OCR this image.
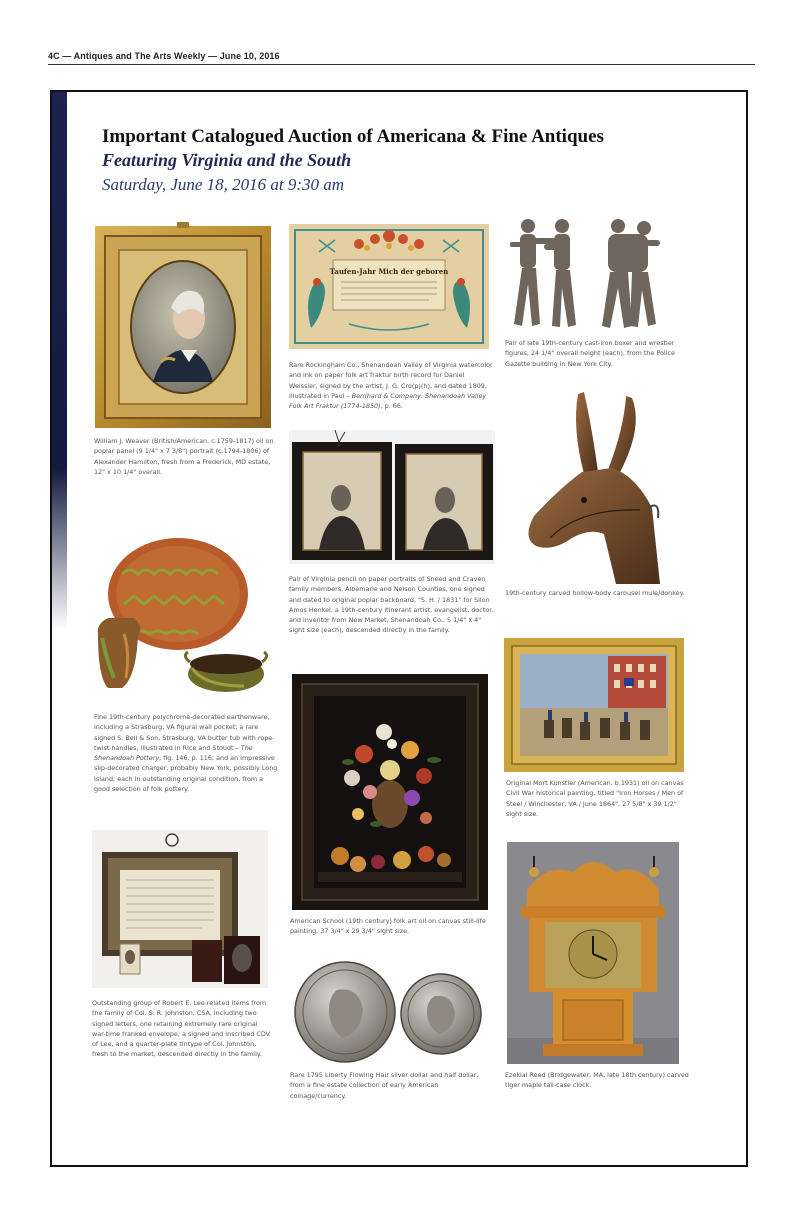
4C — Antiques and The Arts Weekly — June 10, 2016
Important Catalogued Auction of Americana & Fine Antiques
Featuring Virginia and the South
Saturday, June 18, 2016 at 9:30 am
William J. Weaver (British/American, c.1759-1817) oil on poplar panel (9 1/4" x 7 3/8") portrait (c.1794-1806) of Alexander Hamilton, fresh from a Frederick, MD estate, 12" x 10 1/4" overall.
Taufen-Jahr Mich der geboren
Rare Rockingham Co., Shenandoah Valley of Virginia watercolor and ink on paper folk art fraktur birth record for Daniel Weissler, signed by the artist, J. G. Cro(p)(h), and dated 1809, illustrated in Paul – Bernhard & Company: Shenandoah Valley Folk Art Fraktur (1774-1850), p. 66.
Pair of late 19th-century cast-iron boxer and wrestler figures, 24 1/4" overall height (each), from the Police Gazette building in New York City.
Pair of Virginia pencil on paper portraits of Sneed and Craven family members, Albemarle and Nelson Counties, one signed and dated to original poplar backboard, "S. H. / 1831" for Silon Amos Henkel, a 19th-century itinerant artist, evangelist, doctor, and inventor from New Market, Shenandoah Co., 5 1/4" x 4" sight size (each), descended directly in the family.
19th-century carved hollow-body carousel mule/donkey.
Fine 19th-century polychrome-decorated earthenware, including a Strasburg, VA figural wall pocket; a rare signed S. Bell & Son, Strasburg, VA butter tub with rope-twist handles, illustrated in Rice and Stoudt – The Shenandoah Pottery, fig. 146, p. 116; and an impressive slip-decorated charger, probably New York, possibly Long Island; each in outstanding original condition, from a good selection of folk pottery.
Original Mort Kunstler (American, b.1931) oil on canvas Civil War historical painting, titled "Iron Horses / Men of Steel / Winchester, VA / June 1864", 27 5/8" x 39 1/2" sight size.
American School (19th century) folk art oil on canvas still-life painting, 37 3/4" x 29 3/4" sight size.
Outstanding group of Robert E. Lee related items from the family of Col. S. R. Johnston, CSA, including two signed letters, one retaining extremely rare original war-time franked envelope; a signed and inscribed CDV of Lee, and a quarter-plate tintype of Col. Johnston, fresh to the market, descended directly in the family.
Rare 1795 Liberty Flowing Hair silver dollar and half dollar, from a fine estate collection of early American coinage/currency.
Ezekial Reed (Bridgewater, MA, late 18th century) carved tiger maple tall-case clock.
